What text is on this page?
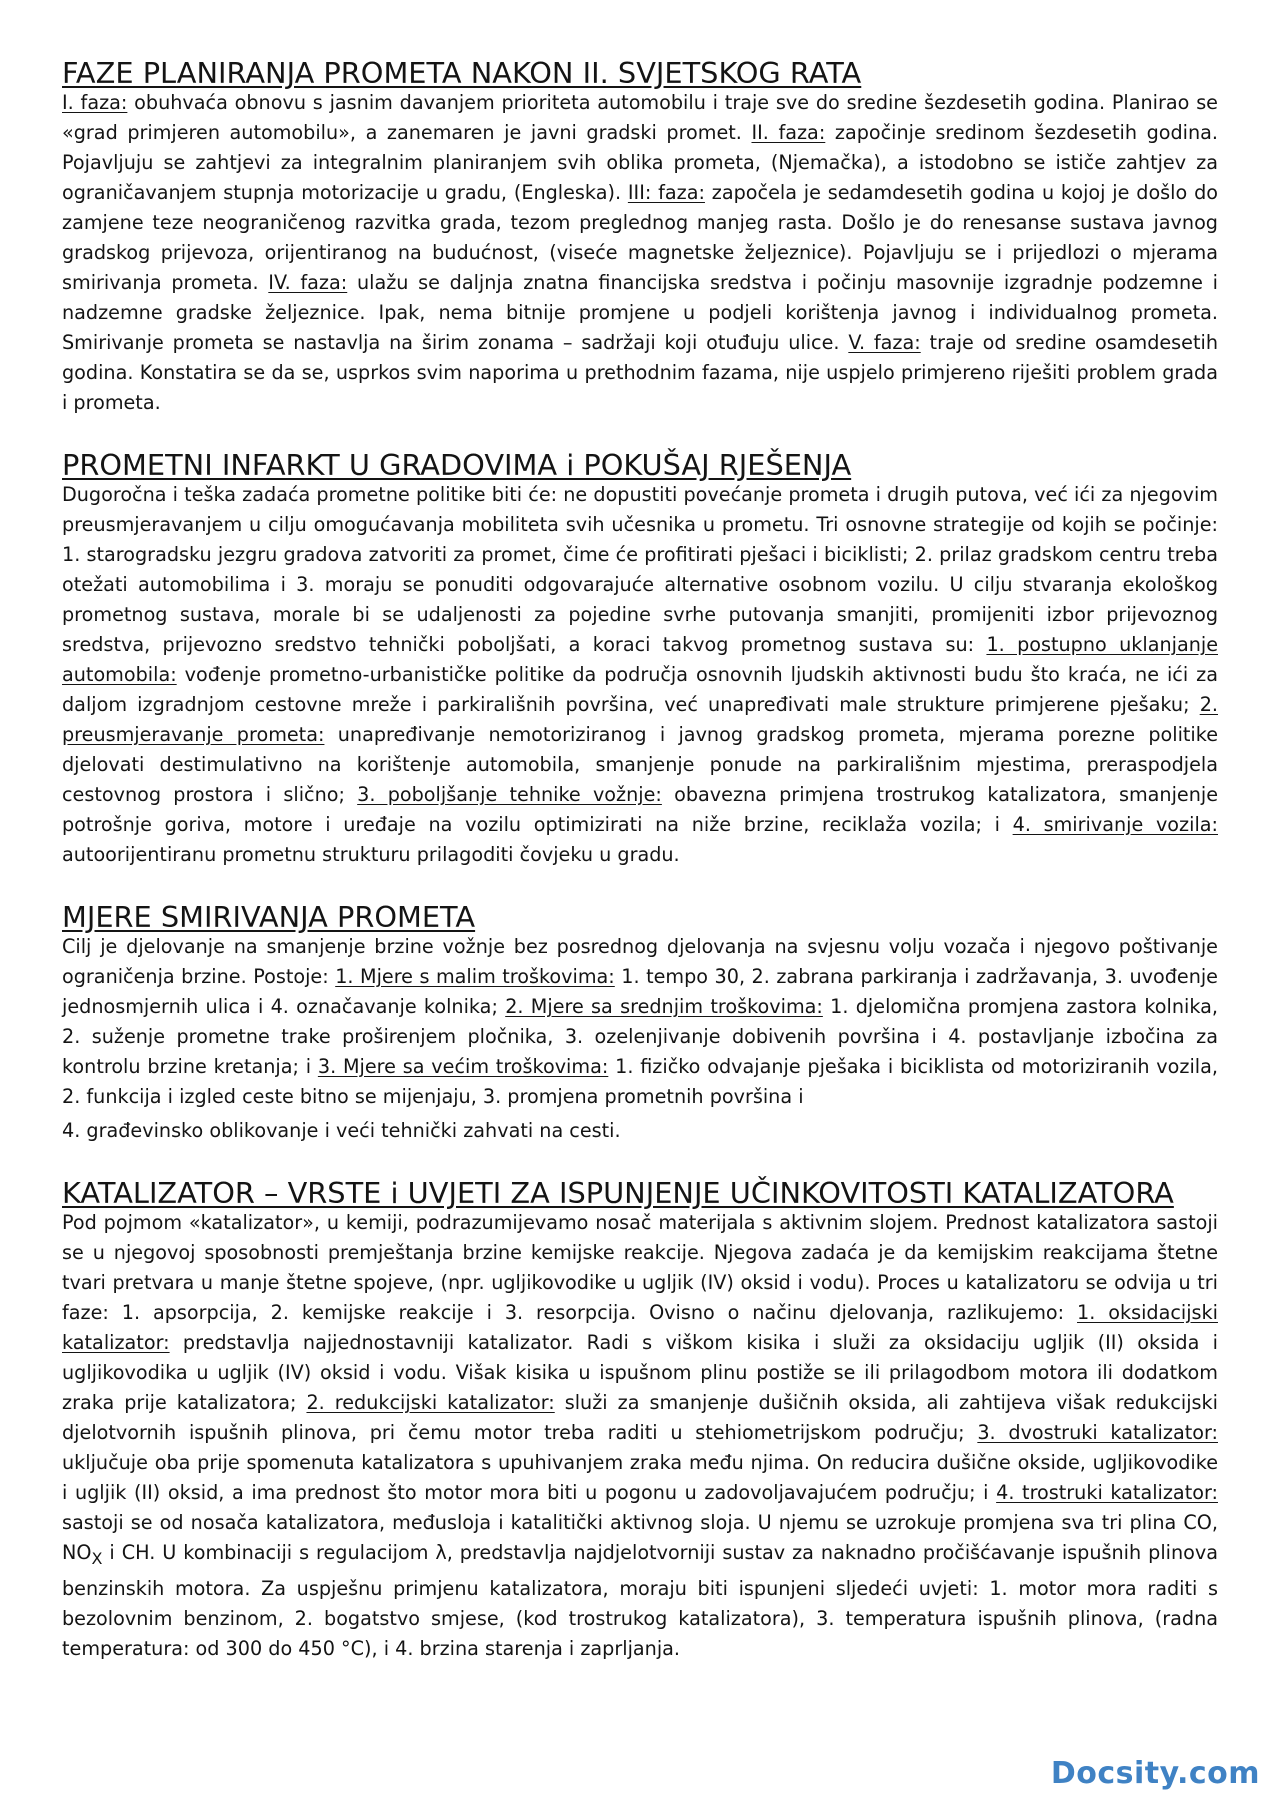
FAZE PLANIRANJA PROMETA NAKON II. SVJETSKOG RATA

I. faza: obuhvaća obnovu s jasnim davanjem prioriteta automobilu i traje sve do sredine šezdesetih godina. Planirao se «grad primjeren automobilu», a zanemaren je javni gradski promet. II. faza: započinje sredinom šezdesetih godina. Pojavljuju se zahtjevi za integralnim planiranjem svih oblika prometa, (Njemačka), a istodobno se ističe zahtjev za ograničavanjem stupnja motorizacije u gradu, (Engleska). III: faza: započela je sedamdesetih godina u kojoj je došlo do zamjene teze neograničenog razvitka grada, tezom preglednog manjeg rasta. Došlo je do renesanse sustava javnog gradskog prijevoza, orijentiranog na budućnost, (viseće magnetske željeznice). Pojavljuju se i prijedlozi o mjerama smirivanja prometa. IV. faza: ulažu se daljnja znatna financijska sredstva i počinju masovnije izgradnje podzemne i nadzemne gradske željeznice. Ipak, nema bitnije promjene u podjeli korištenja javnog i individualnog prometa. Smirivanje prometa se nastavlja na širim zonama – sadržaji koji otuđuju ulice. V. faza: traje od sredine osamdesetih godina. Konstatira se da se, usprkos svim naporima u prethodnim fazama, nije uspjelo primjereno riješiti problem grada i prometa.

PROMETNI INFARKT U GRADOVIMA i POKUŠAJ RJEŠENJA

Dugoročna i teška zadaća prometne politike biti će: ne dopustiti povećanje prometa i drugih putova, već ići za njegovim preusmjeravanjem u cilju omogućavanja mobiliteta svih učesnika u prometu. Tri osnovne strategije od kojih se počinje: 1. starogradsku jezgru gradova zatvoriti za promet, čime će profitirati pješaci i biciklisti; 2. prilaz gradskom centru treba otežati automobilima i 3. moraju se ponuditi odgovarajuće alternative osobnom vozilu. U cilju stvaranja ekološkog prometnog sustava, morale bi se udaljenosti za pojedine svrhe putovanja smanjiti, promijeniti izbor prijevoznog sredstva, prijevozno sredstvo tehnički poboljšati, a koraci takvog prometnog sustava su: 1. postupno uklanjanje automobila: vođenje prometno-urbanističke politike da područja osnovnih ljudskih aktivnosti budu što kraća, ne ići za daljom izgradnjom cestovne mreže i parkirališnih površina, već unapređivati male strukture primjerene pješaku; 2. preusmjeravanje prometa: unapređivanje nemotoriziranog i javnog gradskog prometa, mjerama porezne politike djelovati destimulativno na korištenje automobila, smanjenje ponude na parkirališnim mjestima, preraspodjela cestovnog prostora i slično; 3. poboljšanje tehnike vožnje: obavezna primjena trostrukog katalizatora, smanjenje potrošnje goriva, motore i uređaje na vozilu optimizirati na niže brzine, reciklaža vozila; i 4. smirivanje vozila: autoorijentiranu prometnu strukturu prilagoditi čovjeku u gradu.

MJERE SMIRIVANJA PROMETA

Cilj je djelovanje na smanjenje brzine vožnje bez posrednog djelovanja na svjesnu volju vozača i njegovo poštivanje ograničenja brzine. Postoje: 1. Mjere s malim troškovima: 1. tempo 30, 2. zabrana parkiranja i zadržavanja, 3. uvođenje jednosmjernih ulica i 4. označavanje kolnika; 2. Mjere sa srednjim troškovima: 1. djelomična promjena zastora kolnika, 2. suženje prometne trake proširenjem pločnika, 3. ozelenjivanje dobivenih površina i 4. postavljanje izbočina za kontrolu brzine kretanja; i 3. Mjere sa većim troškovima: 1. fizičko odvajanje pješaka i biciklista od motoriziranih vozila, 2. funkcija i izgled ceste bitno se mijenjaju, 3. promjena prometnih površina i

4. građevinsko oblikovanje i veći tehnički zahvati na cesti.

KATALIZATOR – VRSTE i UVJETI ZA ISPUNJENJE UČINKOVITOSTI KATALIZATORA

Pod pojmom «katalizator», u kemiji, podrazumijevamo nosač materijala s aktivnim slojem. Prednost katalizatora sastoji se u njegovoj sposobnosti premještanja brzine kemijske reakcije. Njegova zadaća je da kemijskim reakcijama štetne tvari pretvara u manje štetne spojeve, (npr. ugljikovodike u ugljik (IV) oksid i vodu). Proces u katalizatoru se odvija u tri faze: 1. apsorpcija, 2. kemijske reakcije i 3. resorpcija. Ovisno o načinu djelovanja, razlikujemo: 1. oksidacijski katalizator: predstavlja najjednostavniji katalizator. Radi s viškom kisika i služi za oksidaciju ugljik (II) oksida i ugljikovodika u ugljik (IV) oksid i vodu. Višak kisika u ispušnom plinu postiže se ili prilagodbom motora ili dodatkom zraka prije katalizatora; 2. redukcijski katalizator: služi za smanjenje dušičnih oksida, ali zahtijeva višak redukcijski djelotvornih ispušnih plinova, pri čemu motor treba raditi u stehiometrijskom području; 3. dvostruki katalizator: uključuje oba prije spomenuta katalizatora s upuhivanjem zraka među njima. On reducira dušične okside, ugljikovodike i ugljik (II) oksid, a ima prednost što motor mora biti u pogonu u zadovoljavajućem području; i 4. trostruki katalizator: sastoji se od nosača katalizatora, međusloja i katalitički aktivnog sloja. U njemu se uzrokuje promjena sva tri plina CO, $NO_X$ i CH. U kombinaciji s regulacijom λ, predstavlja najdjelotvorniji sustav za naknadno pročišćavanje ispušnih plinova benzinskih motora. Za uspješnu primjenu katalizatora, moraju biti ispunjeni sljedeći uvjeti: 1. motor mora raditi s bezolovnim benzinom, 2. bogatstvo smjese, (kod trostrukog katalizatora), 3. temperatura ispušnih plinova, (radna temperatura: od 300 do 450 °C), i 4. brzina starenja i zaprljanja.

Docsity.com
